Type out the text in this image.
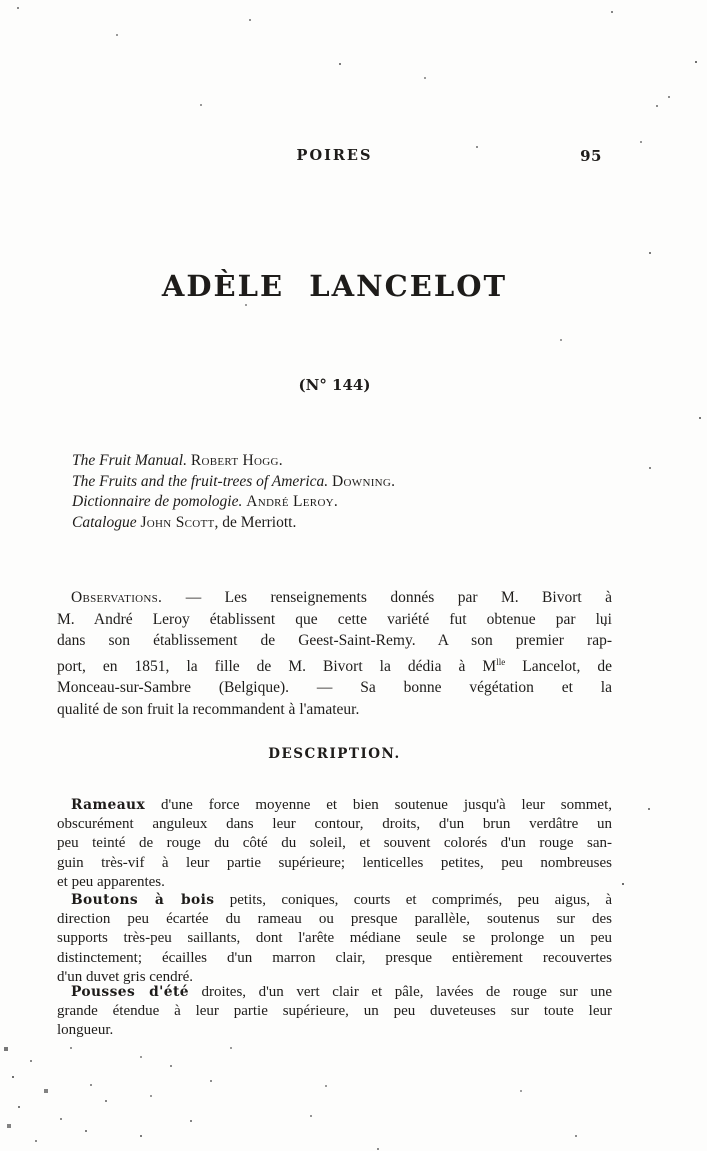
POIRES	95
ADÈLE LANCELOT
(N° 144)
The Fruit Manual. Robert Hogg.
The Fruits and the fruit-trees of America. Downing.
Dictionnaire de pomologie. André Leroy.
Catalogue John Scott, de Merriott.
Observations. — Les renseignements donnés par M. Bivort à
M. André Leroy établissent que cette variété fut obtenue par lui
dans son établissement de Geest-Saint-Remy. A son premier rap-
port, en 1851, la fille de M. Bivort la dédia à $M^{lle}$ Lancelot, de
Monceau-sur-Sambre (Belgique). — Sa bonne végétation et la
qualité de son fruit la recommandent à l'amateur.
DESCRIPTION.
Rameaux d'une force moyenne et bien soutenue jusqu'à leur sommet,
obscurément anguleux dans leur contour, droits, d'un brun verdâtre un
peu teinté de rouge du côté du soleil, et souvent colorés d'un rouge san-
guin très-vif à leur partie supérieure; lenticelles petites, peu nombreuses
et peu apparentes.
Boutons à bois petits, coniques, courts et comprimés, peu aigus, à
direction peu écartée du rameau ou presque parallèle, soutenus sur des
supports très-peu saillants, dont l'arête médiane seule se prolonge un peu
distinctement; écailles d'un marron clair, presque entièrement recouvertes
d'un duvet gris cendré.
Pousses d'été droites, d'un vert clair et pâle, lavées de rouge sur une
grande étendue à leur partie supérieure, un peu duveteuses sur toute leur
longueur.
